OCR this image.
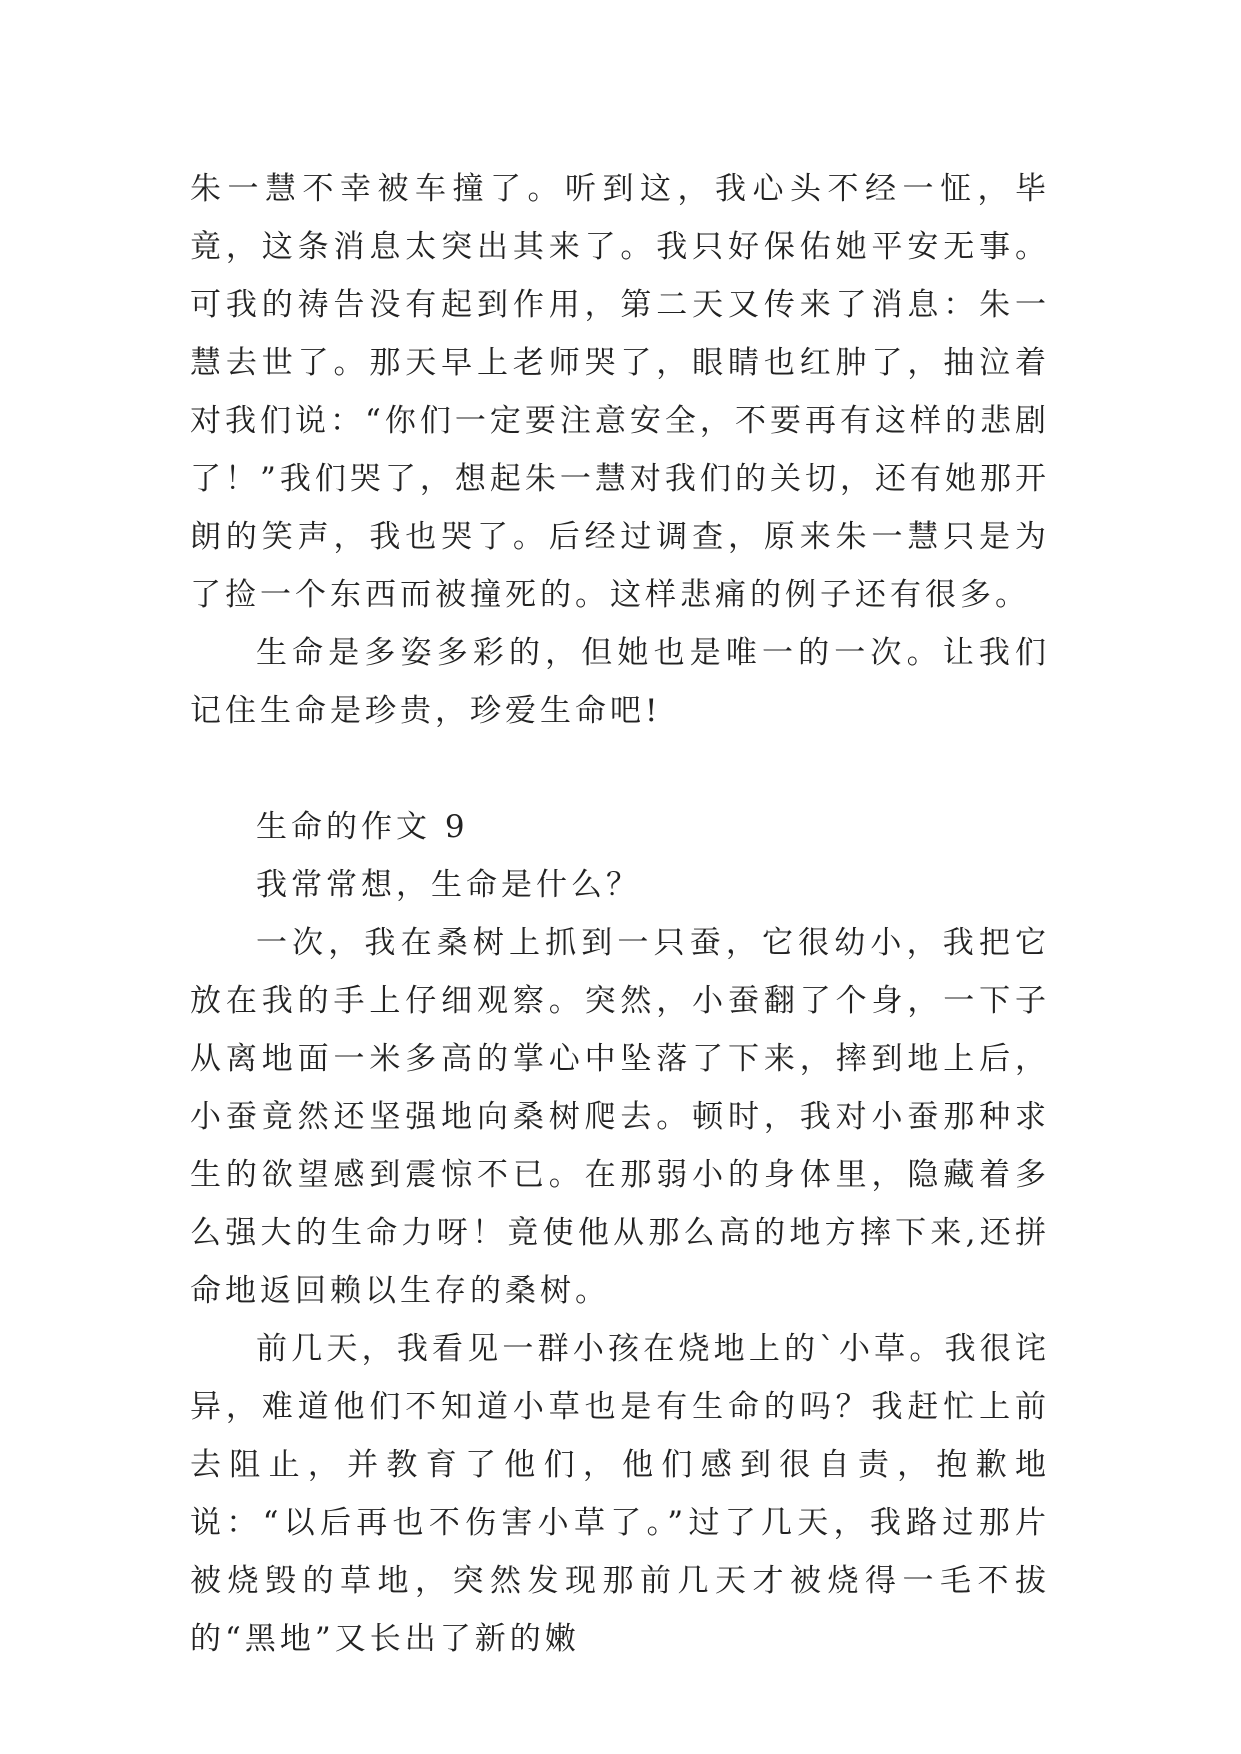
朱一慧不幸被车撞了。听到这，我心头不经一怔，毕竟，这条消息太突出其来了。我只好保佑她平安无事。可我的祷告没有起到作用，第二天又传来了消息：朱一慧去世了。那天早上老师哭了，眼睛也红肿了，抽泣着对我们说：“你们一定要注意安全，不要再有这样的悲剧了！”我们哭了，想起朱一慧对我们的关切，还有她那开朗的笑声，我也哭了。后经过调查，原来朱一慧只是为了捡一个东西而被撞死的。这样悲痛的例子还有很多。

生命是多姿多彩的，但她也是唯一的一次。让我们记住生命是珍贵，珍爱生命吧!

生命的作文 9

我常常想，生命是什么？

一次，我在桑树上抓到一只蚕，它很幼小，我把它放在我的手上仔细观察。突然，小蚕翻了个身，一下子从离地面一米多高的掌心中坠落了下来，摔到地上后，小蚕竟然还坚强地向桑树爬去。顿时，我对小蚕那种求生的欲望感到震惊不已。在那弱小的身体里，隐藏着多么强大的生命力呀！竟使他从那么高的地方摔下来,还拼命地返回赖以生存的桑树。

前几天，我看见一群小孩在烧地上的`小草。我很诧异，难道他们不知道小草也是有生命的吗？我赶忙上前去阻止，并教育了他们，他们感到很自责，抱歉地说：“以后再也不伤害小草了。”过了几天，我路过那片被烧毁的草地，突然发现那前几天才被烧得一毛不拔的“黑地”又长出了新的嫩
